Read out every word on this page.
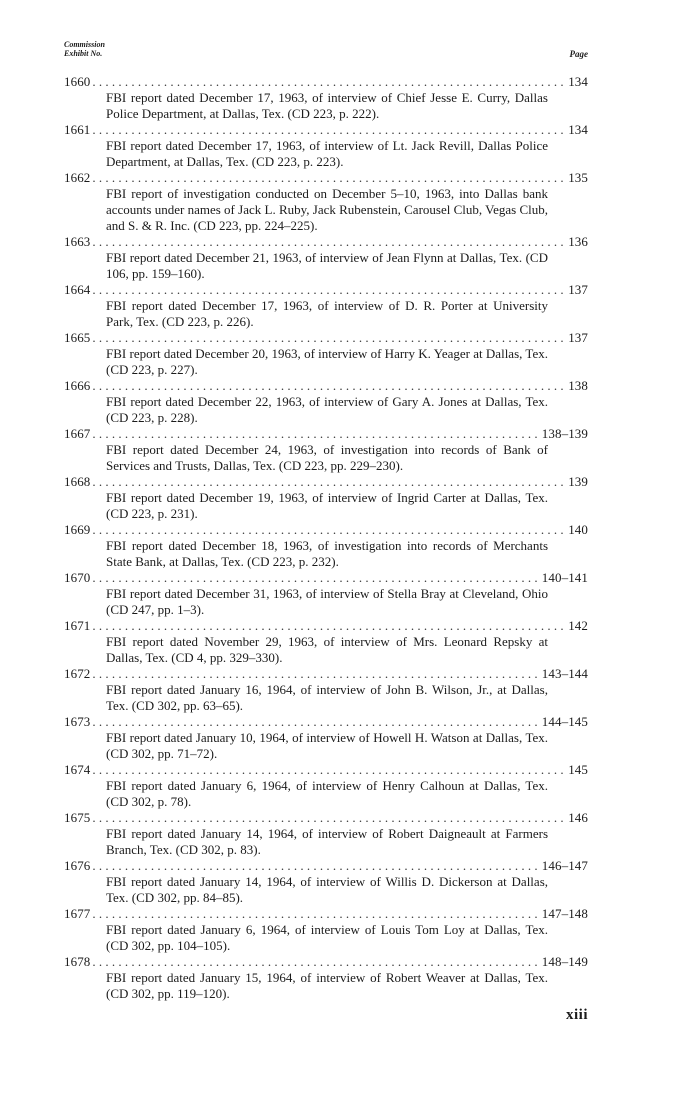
Commission
Exhibit No.	Page
1660 . . .	134

FBI report dated December 17, 1963, of interview of Chief Jesse E. Curry, Dallas Police Department, at Dallas, Tex. (CD 223, p. 222).

1661 . . .	134

FBI report dated December 17, 1963, of interview of Lt. Jack Revill, Dallas Police Department, at Dallas, Tex. (CD 223, p. 223).

1662 . . .	135

FBI report of investigation conducted on December 5–10, 1963, into Dallas bank accounts under names of Jack L. Ruby, Jack Rubenstein, Carousel Club, Vegas Club, and S. & R. Inc. (CD 223, pp. 224–225).

1663 . . .	136

FBI report dated December 21, 1963, of interview of Jean Flynn at Dallas, Tex. (CD 106, pp. 159–160).

1664 . . .	137

FBI report dated December 17, 1963, of interview of D. R. Porter at University Park, Tex. (CD 223, p. 226).

1665 . . .	137

FBI report dated December 20, 1963, of interview of Harry K. Yeager at Dallas, Tex. (CD 223, p. 227).

1666 . . .	138

FBI report dated December 22, 1963, of interview of Gary A. Jones at Dallas, Tex. (CD 223, p. 228).

1667 . . .	138–139

FBI report dated December 24, 1963, of investigation into records of Bank of Services and Trusts, Dallas, Tex. (CD 223, pp. 229–230).

1668 . . .	139

FBI report dated December 19, 1963, of interview of Ingrid Carter at Dallas, Tex. (CD 223, p. 231).

1669 . . .	140

FBI report dated December 18, 1963, of investigation into records of Merchants State Bank, at Dallas, Tex. (CD 223, p. 232).

1670 . . .	140–141

FBI report dated December 31, 1963, of interview of Stella Bray at Cleveland, Ohio (CD 247, pp. 1–3).

1671 . . .	142

FBI report dated November 29, 1963, of interview of Mrs. Leonard Repsky at Dallas, Tex. (CD 4, pp. 329–330).

1672 . . .	143–144

FBI report dated January 16, 1964, of interview of John B. Wilson, Jr., at Dallas, Tex. (CD 302, pp. 63–65).

1673 . . .	144–145

FBI report dated January 10, 1964, of interview of Howell H. Watson at Dallas, Tex. (CD 302, pp. 71–72).

1674 . . .	145

FBI report dated January 6, 1964, of interview of Henry Calhoun at Dallas, Tex. (CD 302, p. 78).

1675 . . .	146

FBI report dated January 14, 1964, of interview of Robert Daigneault at Farmers Branch, Tex. (CD 302, p. 83).

1676 . . .	146–147

FBI report dated January 14, 1964, of interview of Willis D. Dickerson at Dallas, Tex. (CD 302, pp. 84–85).

1677 . . .	147–148

FBI report dated January 6, 1964, of interview of Louis Tom Loy at Dallas, Tex. (CD 302, pp. 104–105).

1678 . . .	148–149

FBI report dated January 15, 1964, of interview of Robert Weaver at Dallas, Tex. (CD 302, pp. 119–120).

xiii
